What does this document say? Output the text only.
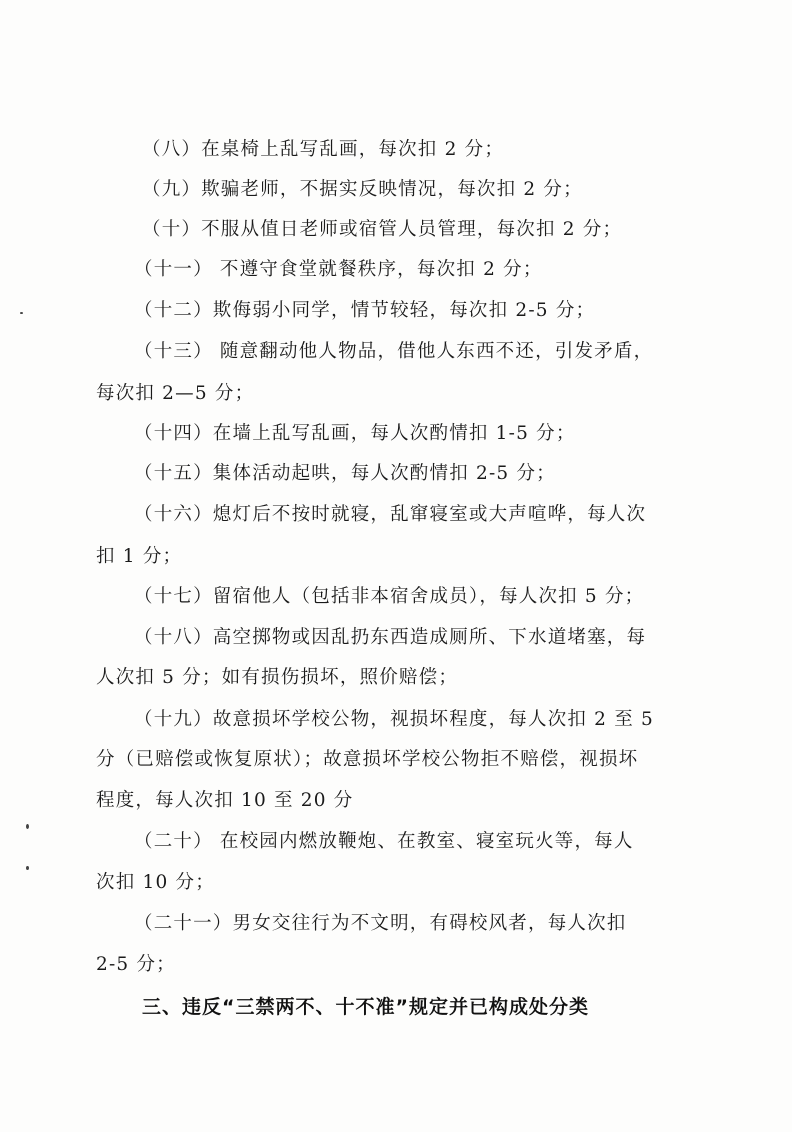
（八）在桌椅上乱写乱画，每次扣 2 分；
（九）欺骗老师，不据实反映情况，每次扣 2 分；
（十）不服从值日老师或宿管人员管理，每次扣 2 分；
（十一） 不遵守食堂就餐秩序，每次扣 2 分；
（十二）欺侮弱小同学，情节较轻，每次扣 2-5 分；
（十三） 随意翻动他人物品，借他人东西不还，引发矛盾，
每次扣 2—5 分；
（十四）在墙上乱写乱画，每人次酌情扣 1-5 分；
（十五）集体活动起哄，每人次酌情扣 2-5 分；
（十六）熄灯后不按时就寝，乱窜寝室或大声喧哗，每人次
扣 1 分；
（十七）留宿他人（包括非本宿舍成员），每人次扣 5 分；
（十八）高空掷物或因乱扔东西造成厕所、下水道堵塞，每
人次扣 5 分；如有损伤损坏，照价赔偿；
（十九）故意损坏学校公物，视损坏程度，每人次扣 2 至 5
分（已赔偿或恢复原状）；故意损坏学校公物拒不赔偿，视损坏
程度，每人次扣 10 至 20 分
（二十） 在校园内燃放鞭炮、在教室、寝室玩火等，每人
次扣 10 分；
（二十一）男女交往行为不文明，有碍校风者，每人次扣
2-5 分；
三、违反“三禁两不、十不准”规定并已构成处分类
